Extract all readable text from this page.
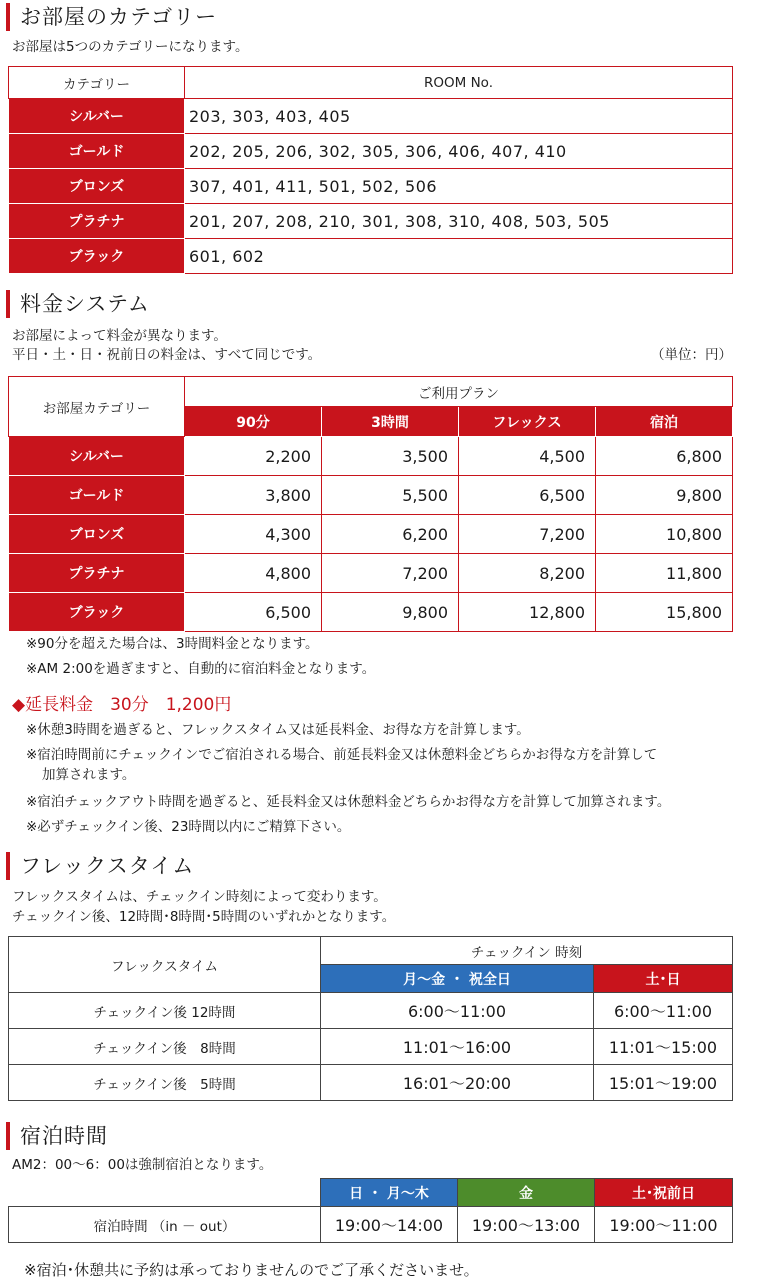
お部屋のカテゴリー
お部屋は5つのカテゴリーになります。
カテゴリー	ROOM No.
シルバー	203, 303, 403, 405
ゴールド	202, 205, 206, 302, 305, 306, 406, 407, 410
ブロンズ	307, 401, 411, 501, 502, 506
プラチナ	201, 207, 208, 210, 301, 308, 310, 408, 503, 505
ブラック	601, 602
料金システム
お部屋によって料金が異なります。
平日・土・日・祝前日の料金は、すべて同じです。	（単位：円）
お部屋カテゴリー	ご利用プラン			
	90分	3時間	フレックス	宿泊
シルバー	2,200	3,500	4,500	6,800
ゴールド	3,800	5,500	6,500	9,800
ブロンズ	4,300	6,200	7,200	10,800
プラチナ	4,800	7,200	8,200	11,800
ブラック	6,500	9,800	12,800	15,800
※90分を超えた場合は、3時間料金となります。
※AM 2:00を過ぎますと、自動的に宿泊料金となります。
◆延長料金　30分　1,200円
※休憩3時間を過ぎると、フレックスタイム又は延長料金、お得な方を計算します。
※宿泊時間前にチェックインでご宿泊される場合、前延長料金又は休憩料金どちらかお得な方を計算して
加算されます。
※宿泊チェックアウト時間を過ぎると、延長料金又は休憩料金どちらかお得な方を計算して加算されます。
※必ずチェックイン後、23時間以内にご精算下さい。
フレックスタイム
フレックスタイムは、チェックイン時刻によって変わります。
チェックイン後、12時間･8時間･5時間のいずれかとなります。
フレックスタイム	チェックイン 時刻	
	月～金 ・ 祝全日	土･日
チェックイン後 12時間	6:00～11:00	6:00～11:00
チェックイン後　8時間	11:01～16:00	11:01～15:00
チェックイン後　5時間	16:01～20:00	15:01～19:00
宿泊時間
AM2：00～6：00は強制宿泊となります。
	日 ・ 月～木	金	土･祝前日
宿泊時間 （in － out）	19:00～14:00	19:00～13:00	19:00～11:00
※宿泊･休憩共に予約は承っておりませんのでご了承くださいませ。
